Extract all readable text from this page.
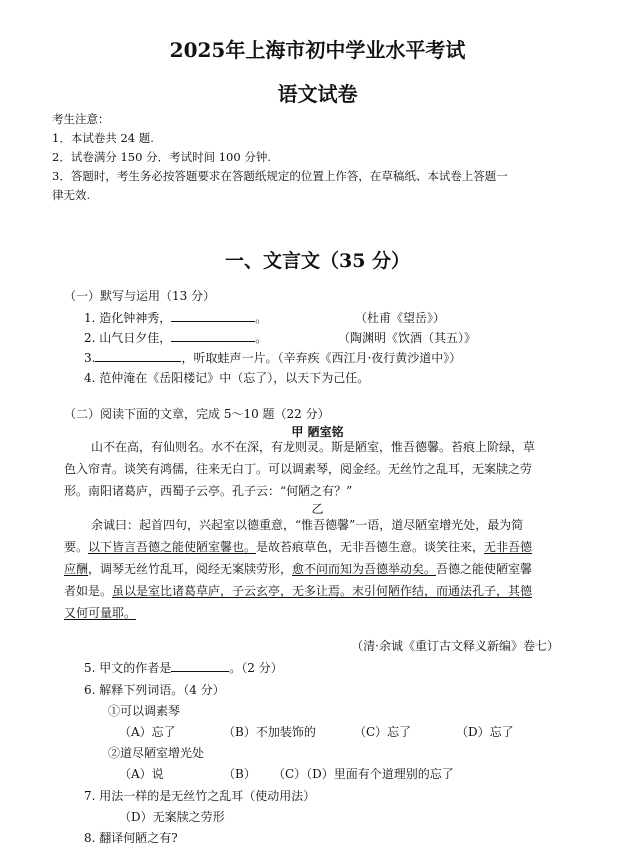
2025年上海市初中学业水平考试
语文试卷
考生注意：
1．本试卷共 24 题.
2．试卷满分 150 分．考试时间 100 分钟.
3．答题时，考生务必按答题要求在答题纸规定的位置上作答，在草稿纸、本试卷上答题一
律无效.
一、文言文（35 分）
（一）默写与运用（13 分）
1. 造化钟神秀，	。	（杜甫《望岳》）
2. 山气日夕佳，	。	（陶渊明《饮酒（其五）》
3.	，听取蛙声一片。（辛弃疾《西江月·夜行黄沙道中》）
4. 范仲淹在《岳阳楼记》中（忘了），以天下为己任。
（二）阅读下面的文章，完成 5～10 题（22 分）
甲 陋室铭
山不在高，有仙则名。水不在深，有龙则灵。斯是陋室，惟吾德馨。苔痕上阶绿，草
色入帘青。谈笑有鸿儒，往来无白丁。可以调素琴，阅金经。无丝竹之乱耳，无案牍之劳
形。南阳诸葛庐，西蜀子云亭。孔子云：“何陋之有？”
乙
余诚曰：起首四句，兴起室以德重意，“惟吾德馨”一语，道尽陋室增光处，最为简
要。以下皆言吾德之能使陋室馨也。是故苔痕草色，无非吾德生意。谈笑往来，无非吾德
应酬，调琴无丝竹乱耳，阅经无案牍劳形，愈不问而知为吾德举动矣。吾德之能使陋室馨
者如是。虽以是室比诸葛草庐，子云玄亭，无多让焉。末引何陋作结，而通法孔子，其德
又何可量耶。
（清·余诚《重订古文释义新编》卷七）
5. 甲文的作者是	。（2 分）
6. 解释下列词语。（4 分）
①可以调素琴
（A）忘了	（B）不加装饰的	（C）忘了	（D）忘了
②道尽陋室增光处
（A）说	（B） （C）（D）里面有个道理别的忘了
7. 用法一样的是无丝竹之乱耳（使动用法）
（D）无案牍之劳形
8. 翻译何陋之有?
